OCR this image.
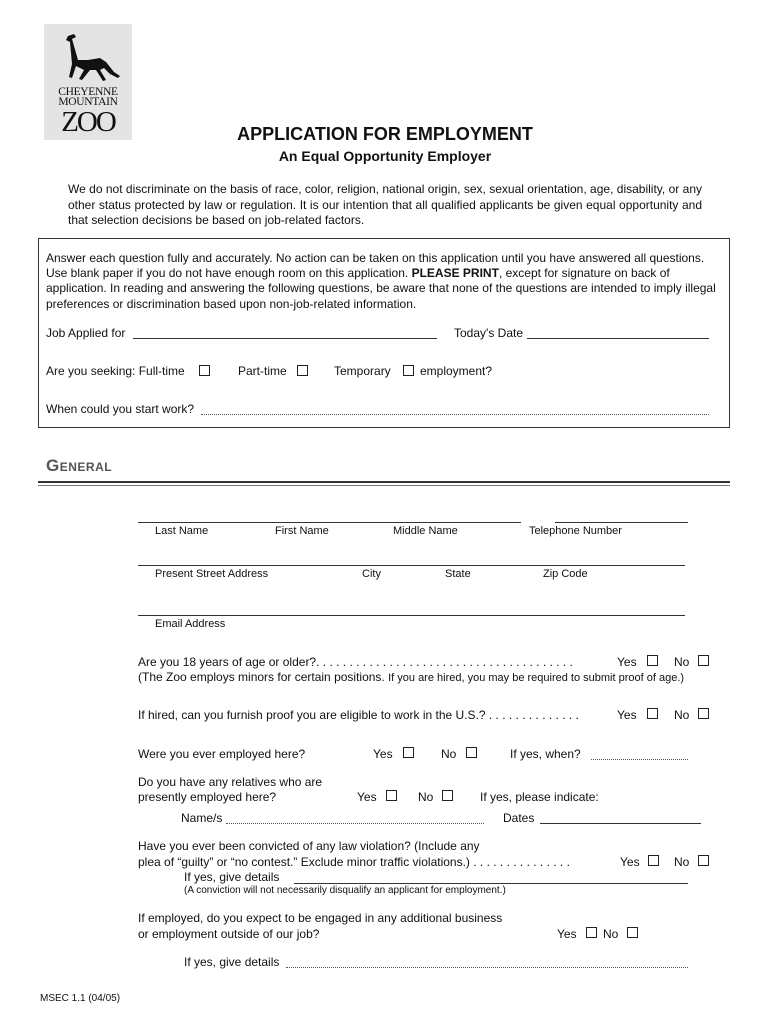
CHEYENNE
MOUNTAIN
ZOO	APPLICATION FOR EMPLOYMENT
An Equal Opportunity Employer
We do not discriminate on the basis of race, color, religion, national origin, sex, sexual orientation, age, disability, or any other status protected by law or regulation. It is our intention that all qualified applicants be given equal opportunity and that selection decisions be based on job-related factors.
Answer each question fully and accurately. No action can be taken on this application until you have answered all questions. Use blank paper if you do not have enough room on this application. PLEASE PRINT, except for signature on back of application. In reading and answering the following questions, be aware that none of the questions are intended to imply illegal preferences or discrimination based upon non-job-related information.
Job Applied for	Today's Date
Are you seeking: Full-time	Part-time	Temporary employment?
When could you start work?
General
Last Name	First Name	Middle Name	Telephone Number
Present Street Address	City	State	Zip Code
Email Address
Are you 18 years of age or older?. . . . . . . . . . . . . . . . . . . . . . . . . . . . . . . . . . . . . . .	Yes	No
(The Zoo employs minors for certain positions. If you are hired, you may be required to submit proof of age.)
If hired, can you furnish proof you are eligible to work in the U.S.? . . . . . . . . . . . . . .	Yes	No
Were you ever employed here?	Yes	No	If yes, when?
Do you have any relatives who are
presently employed here?	Yes	No	If yes, please indicate:
Name/s	Dates
Have you ever been convicted of any law violation? (Include any
plea of “guilty” or “no contest.” Exclude minor traffic violations.) . . . . . . . . . . . . . . .	Yes	No
If yes, give details
(A conviction will not necessarily disqualify an applicant for employment.)
If employed, do you expect to be engaged in any additional business
or employment outside of our job?	Yes No
If yes, give details
MSEC 1.1 (04/05)
